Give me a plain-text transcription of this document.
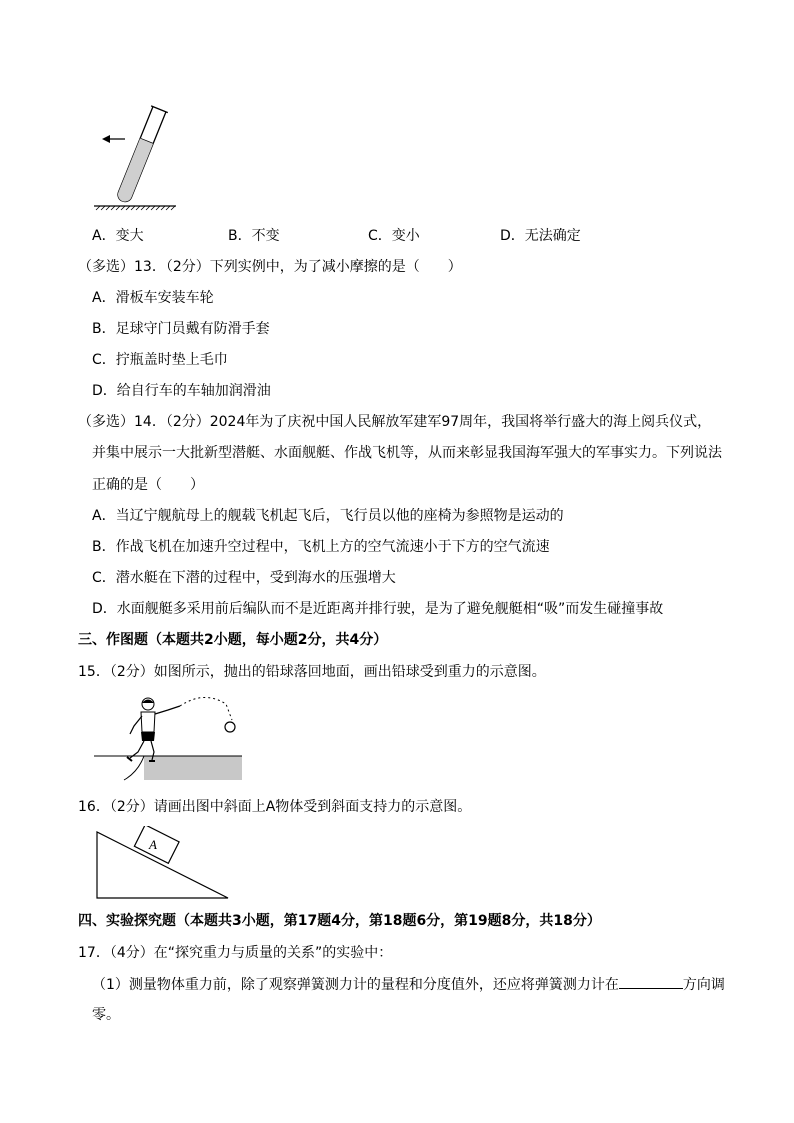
A．变大	B．不变	C．变小	D．无法确定
（多选）13．（2分）下列实例中，为了减小摩擦的是（　　）
A．滑板车安装车轮
B．足球守门员戴有防滑手套
C．拧瓶盖时垫上毛巾
D．给自行车的车轴加润滑油
（多选）14．（2分）2024年为了庆祝中国人民解放军建军97周年，我国将举行盛大的海上阅兵仪式，
并集中展示一大批新型潜艇、水面舰艇、作战飞机等，从而来彰显我国海军强大的军事实力。下列说法
正确的是（　　）
A．当辽宁舰航母上的舰载飞机起飞后，飞行员以他的座椅为参照物是运动的
B．作战飞机在加速升空过程中，飞机上方的空气流速小于下方的空气流速
C．潜水艇在下潜的过程中，受到海水的压强增大
D．水面舰艇多采用前后编队而不是近距离并排行驶，是为了避免舰艇相“吸”而发生碰撞事故
三、作图题（本题共2小题，每小题2分，共4分）
15．（2分）如图所示，抛出的铅球落回地面，画出铅球受到重力的示意图。
16．（2分）请画出图中斜面上A物体受到斜面支持力的示意图。
A
四、实验探究题（本题共3小题，第17题4分，第18题6分，第19题8分，共18分）
17．（4分）在“探究重力与质量的关系”的实验中：
（1）测量物体重力前，除了观察弹簧测力计的量程和分度值外，还应将弹簧测力计在	方向调
零。
